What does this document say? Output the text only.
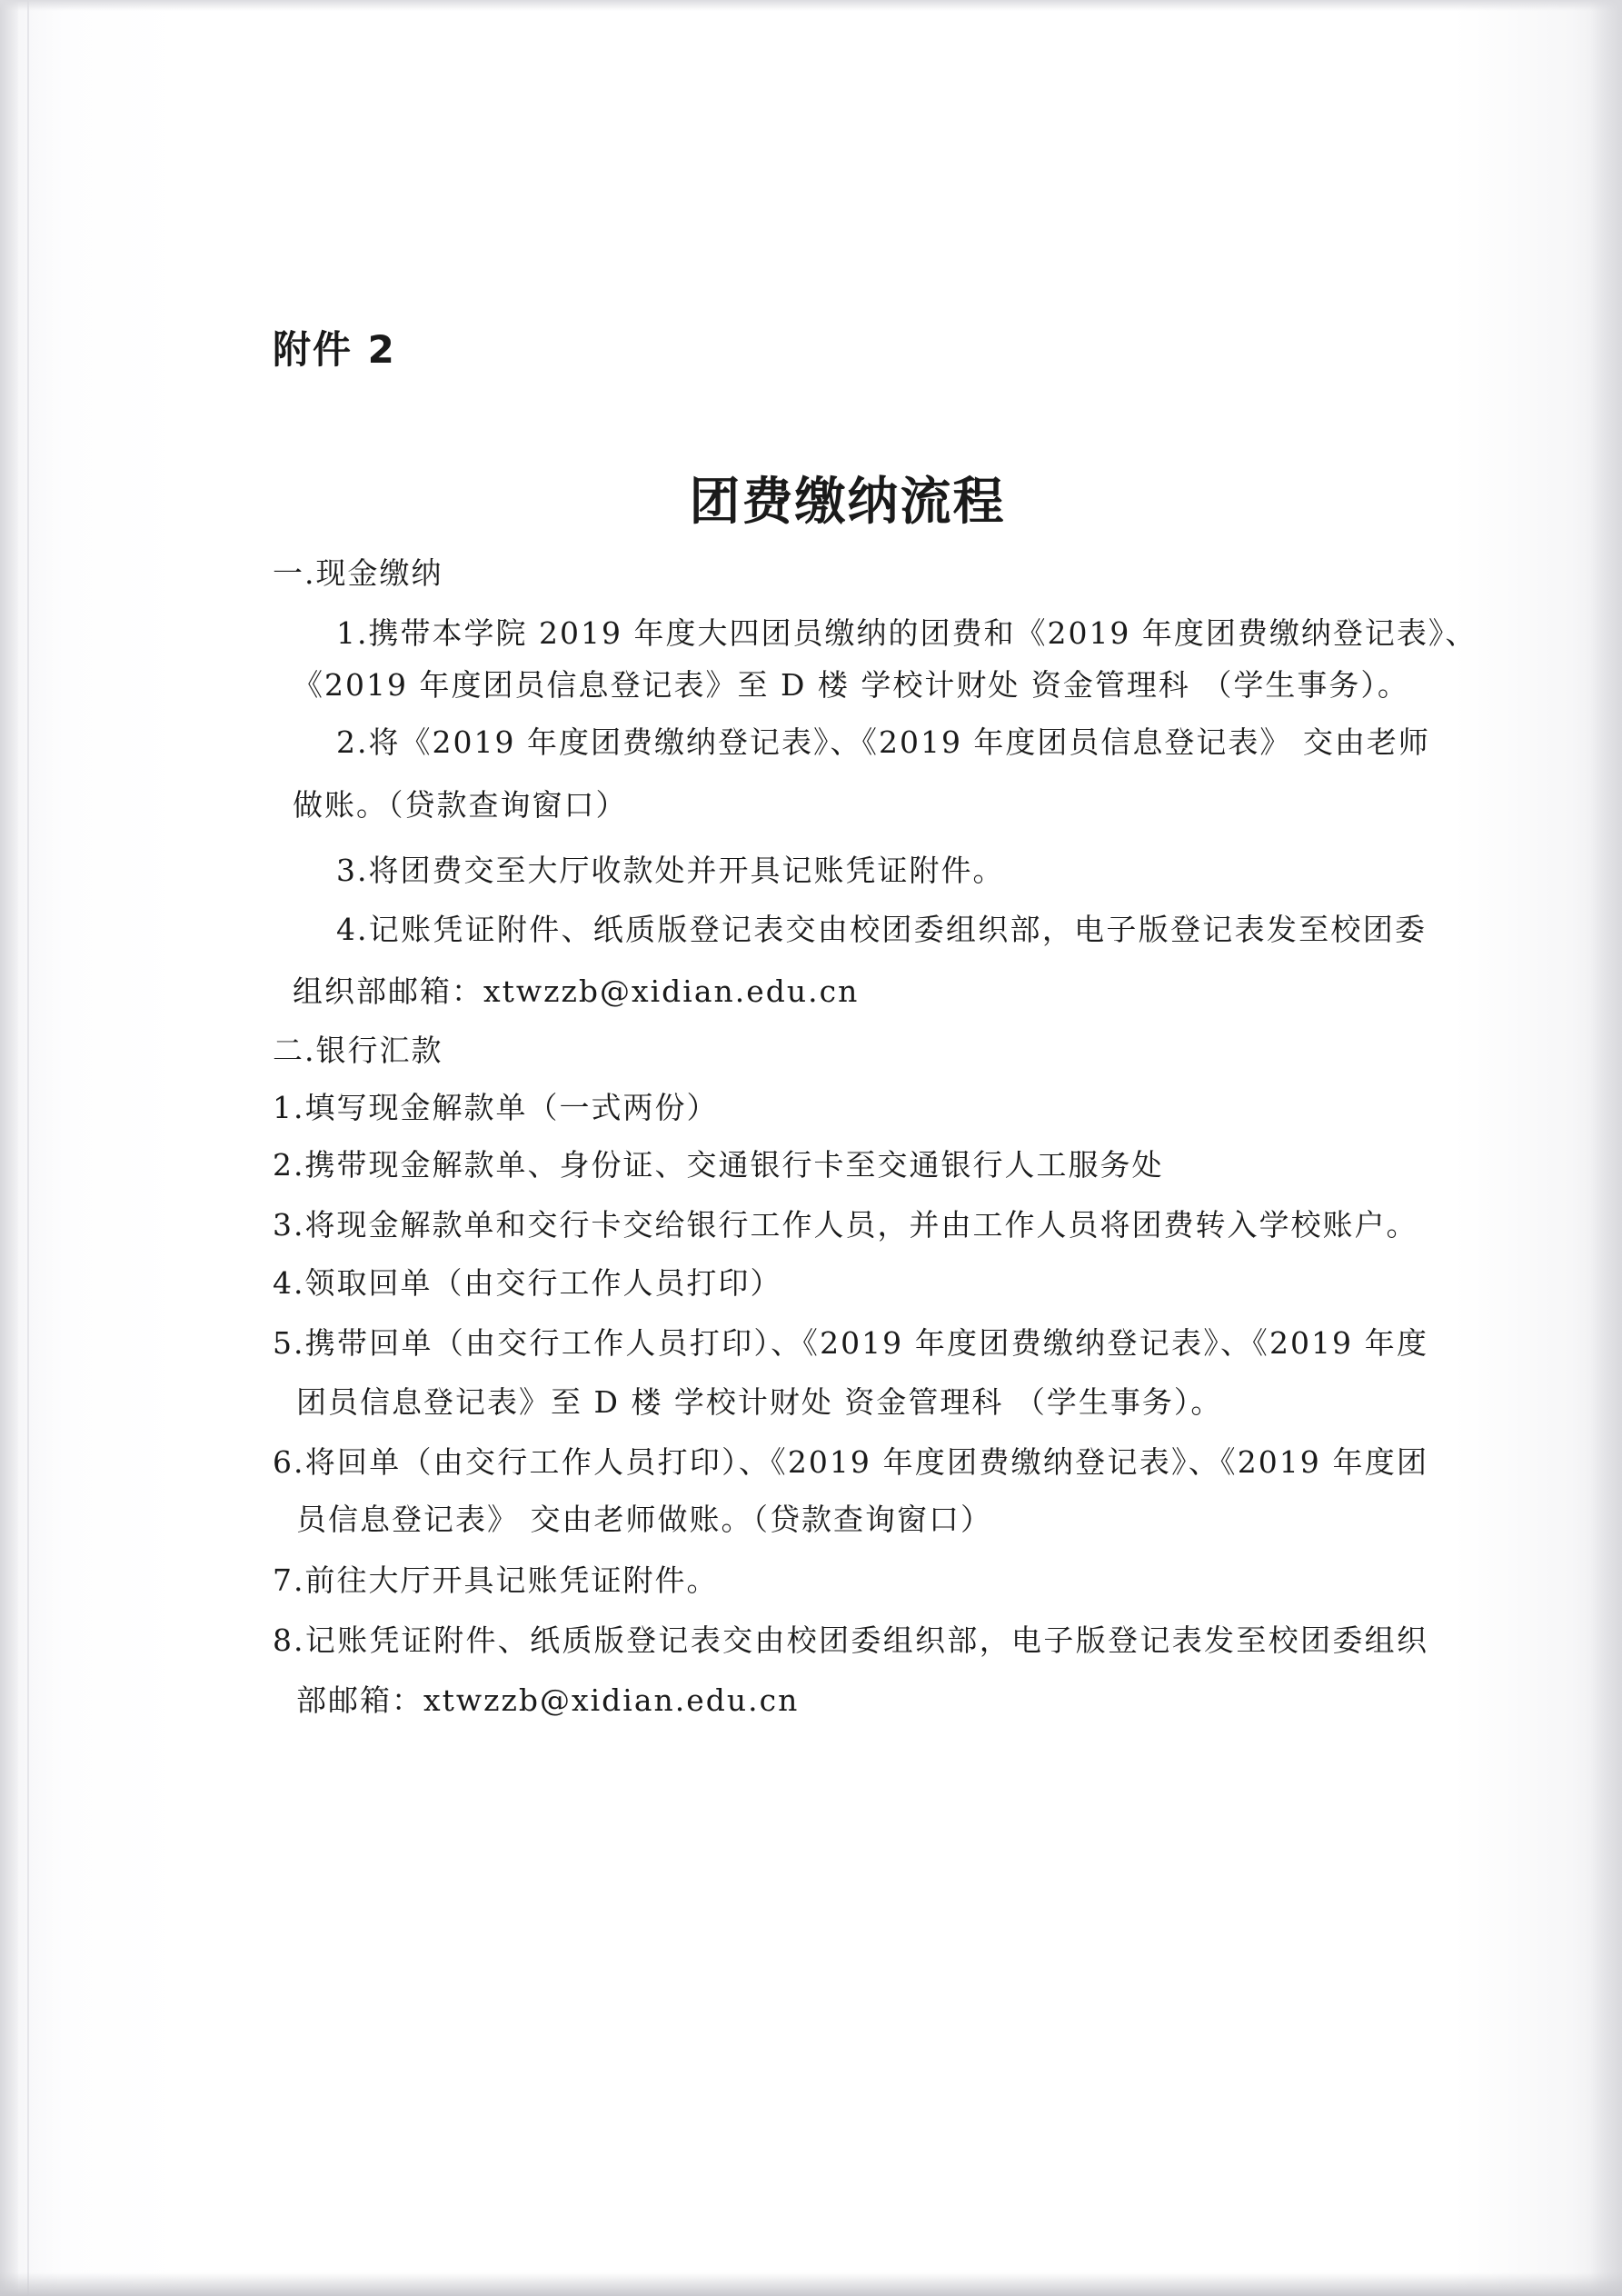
附件 2
团费缴纳流程
一.现金缴纳
1.携带本学院 2019 年度大四团员缴纳的团费和《2019 年度团费缴纳登记表》、
《2019 年度团员信息登记表》至 D 楼 学校计财处 资金管理科 （学生事务）。
2.将《2019 年度团费缴纳登记表》、《2019 年度团员信息登记表》 交由老师
做账。（贷款查询窗口）
3.将团费交至大厅收款处并开具记账凭证附件。
4.记账凭证附件、纸质版登记表交由校团委组织部，电子版登记表发至校团委
组织部邮箱：xtwzzb@xidian.edu.cn
二.银行汇款
1.填写现金解款单（一式两份）
2.携带现金解款单、身份证、交通银行卡至交通银行人工服务处
3.将现金解款单和交行卡交给银行工作人员，并由工作人员将团费转入学校账户。
4.领取回单（由交行工作人员打印）
5.携带回单（由交行工作人员打印）、《2019 年度团费缴纳登记表》、《2019 年度
团员信息登记表》至 D 楼 学校计财处 资金管理科 （学生事务）。
6.将回单（由交行工作人员打印）、《2019 年度团费缴纳登记表》、《2019 年度团
员信息登记表》 交由老师做账。（贷款查询窗口）
7.前往大厅开具记账凭证附件。
8.记账凭证附件、纸质版登记表交由校团委组织部，电子版登记表发至校团委组织
部邮箱：xtwzzb@xidian.edu.cn
